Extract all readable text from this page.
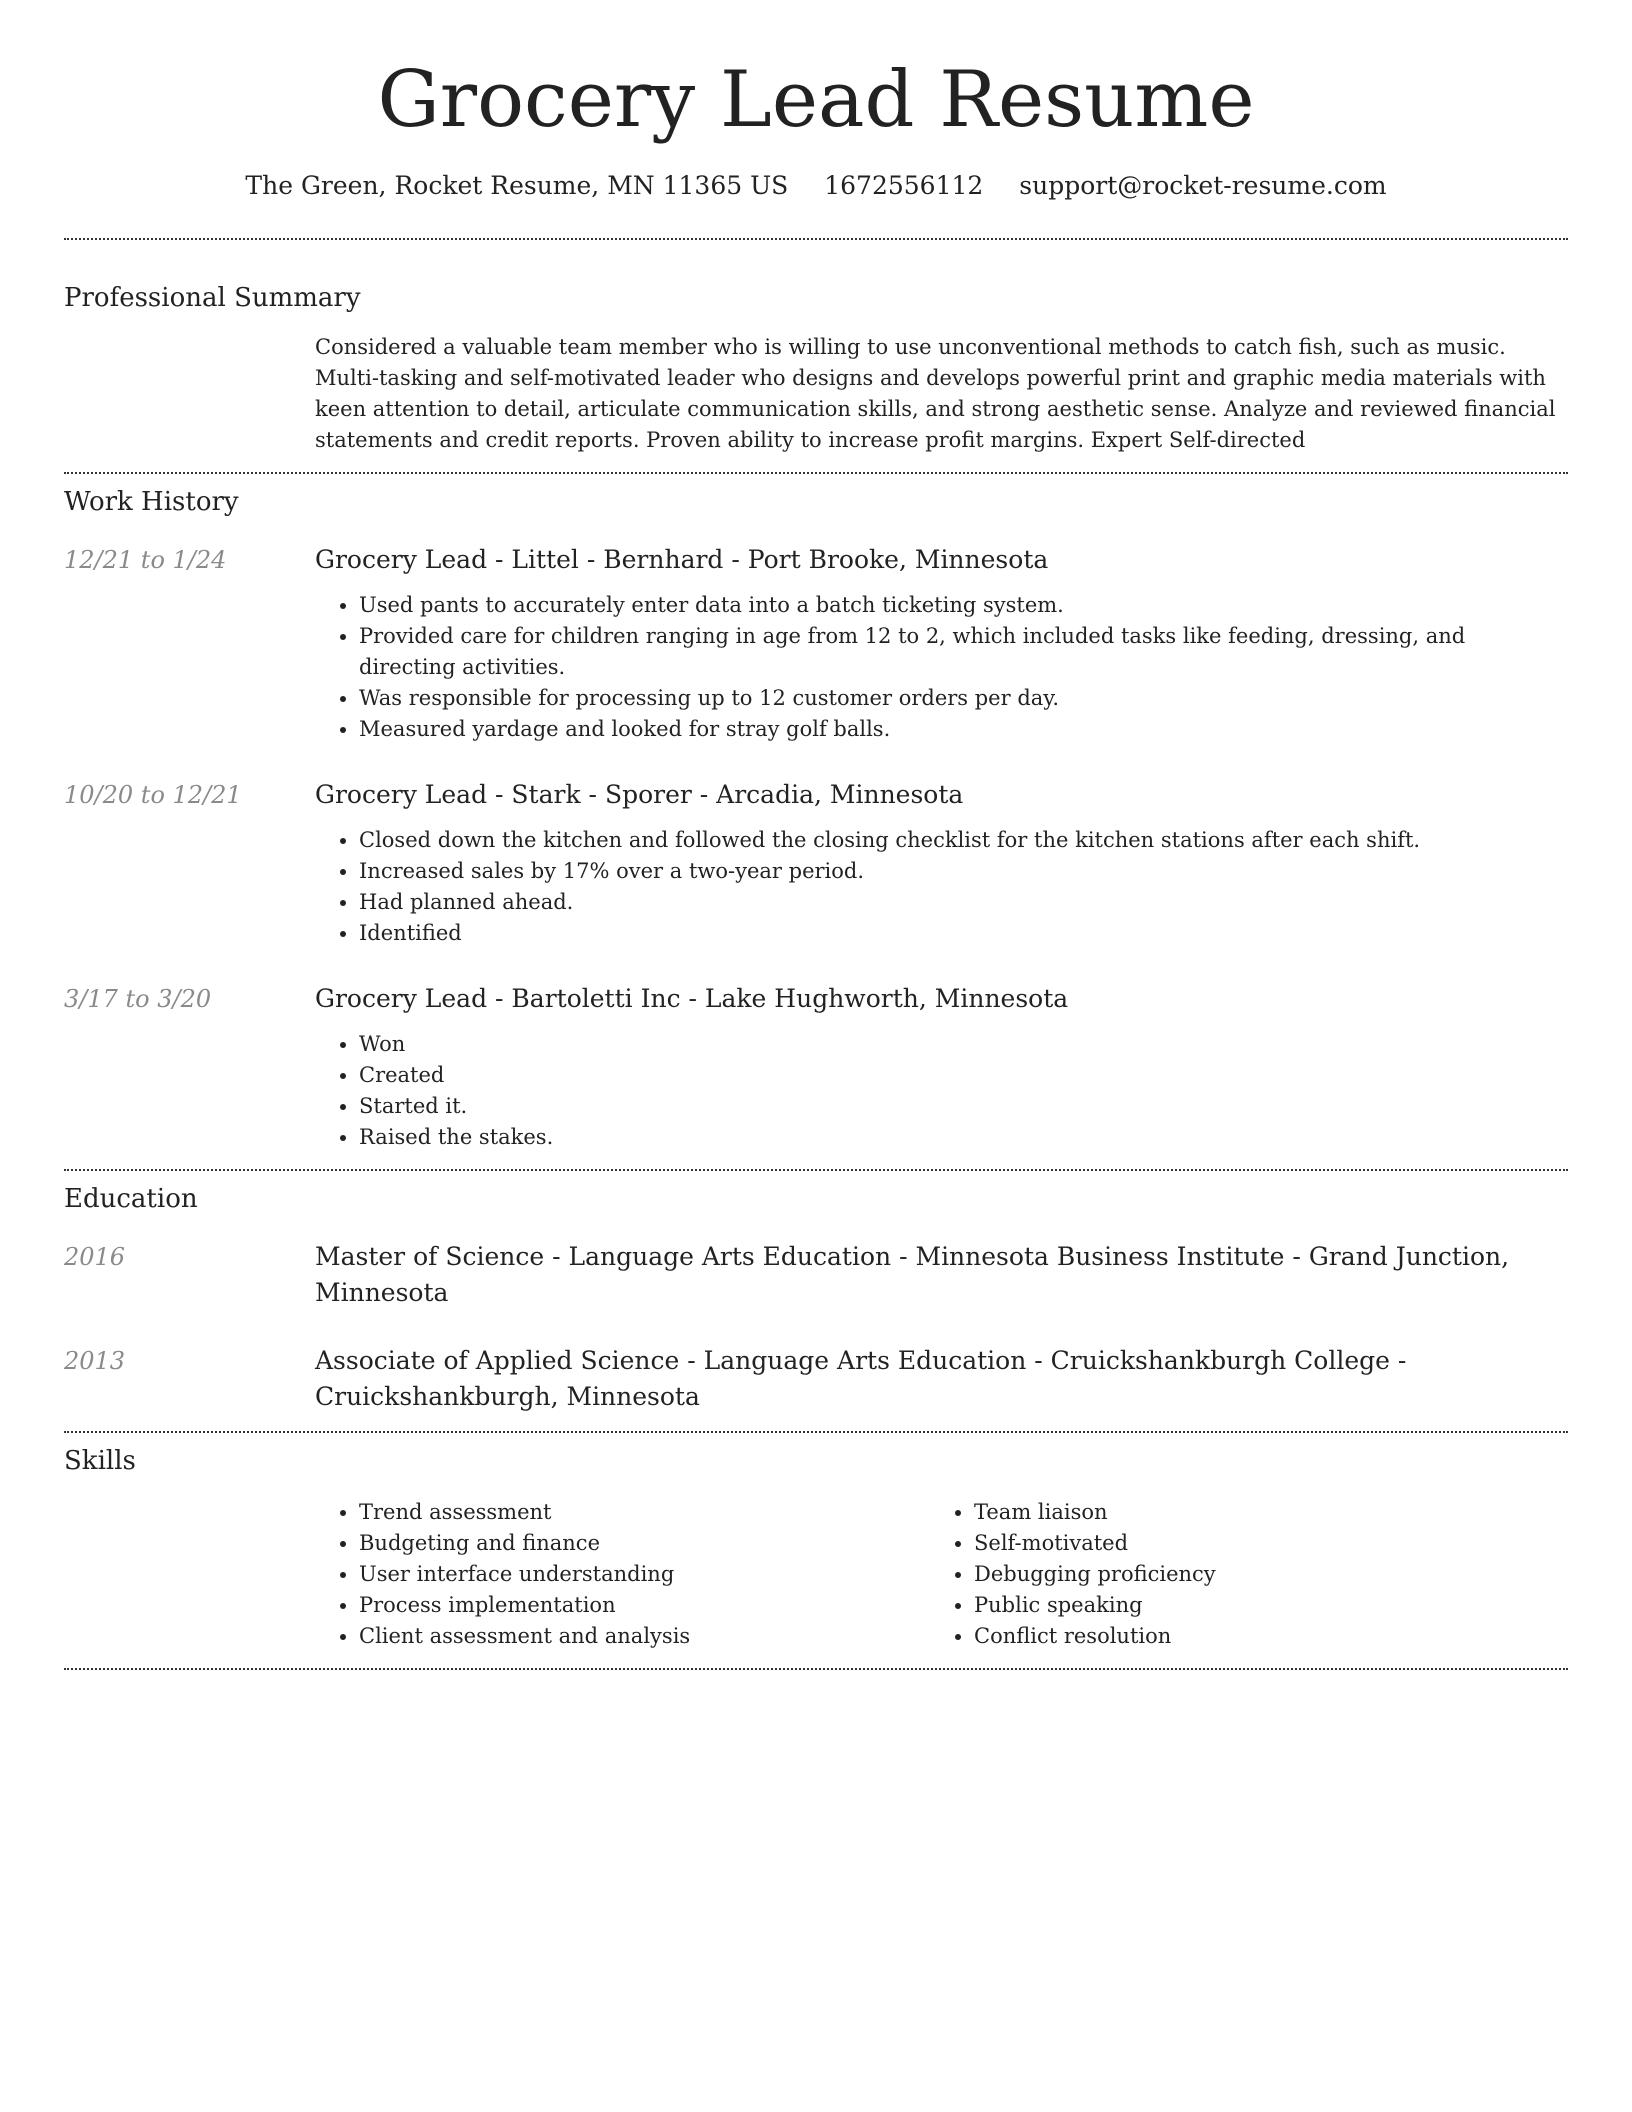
Grocery Lead Resume
The Green, Rocket Resume, MN 11365 US 1672556112 support@rocket-resume.com
Professional Summary
Considered a valuable team member who is willing to use unconventional methods to catch fish, such as music. Multi-tasking and self-motivated leader who designs and develops powerful print and graphic media materials with keen attention to detail, articulate communication skills, and strong aesthetic sense. Analyze and reviewed financial statements and credit reports. Proven ability to increase profit margins. Expert Self-directed
Work History
12/21 to 1/24	Grocery Lead - Littel - Bernhard - Port Brooke, Minnesota
• Used pants to accurately enter data into a batch ticketing system.
• Provided care for children ranging in age from 12 to 2, which included tasks like feeding, dressing, and directing activities.
• Was responsible for processing up to 12 customer orders per day.
• Measured yardage and looked for stray golf balls.
10/20 to 12/21	Grocery Lead - Stark - Sporer - Arcadia, Minnesota
• Closed down the kitchen and followed the closing checklist for the kitchen stations after each shift.
• Increased sales by 17% over a two-year period.
• Had planned ahead.
• Identified
3/17 to 3/20	Grocery Lead - Bartoletti Inc - Lake Hughworth, Minnesota
• Won
• Created
• Started it.
• Raised the stakes.
Education
2016	Master of Science - Language Arts Education - Minnesota Business Institute - Grand Junction, Minnesota
2013	Associate of Applied Science - Language Arts Education - Cruickshankburgh College - Cruickshankburgh, Minnesota
Skills
• Trend assessment
• Budgeting and finance
• User interface understanding
• Process implementation
• Client assessment and analysis
• Team liaison
• Self-motivated
• Debugging proficiency
• Public speaking
• Conflict resolution
